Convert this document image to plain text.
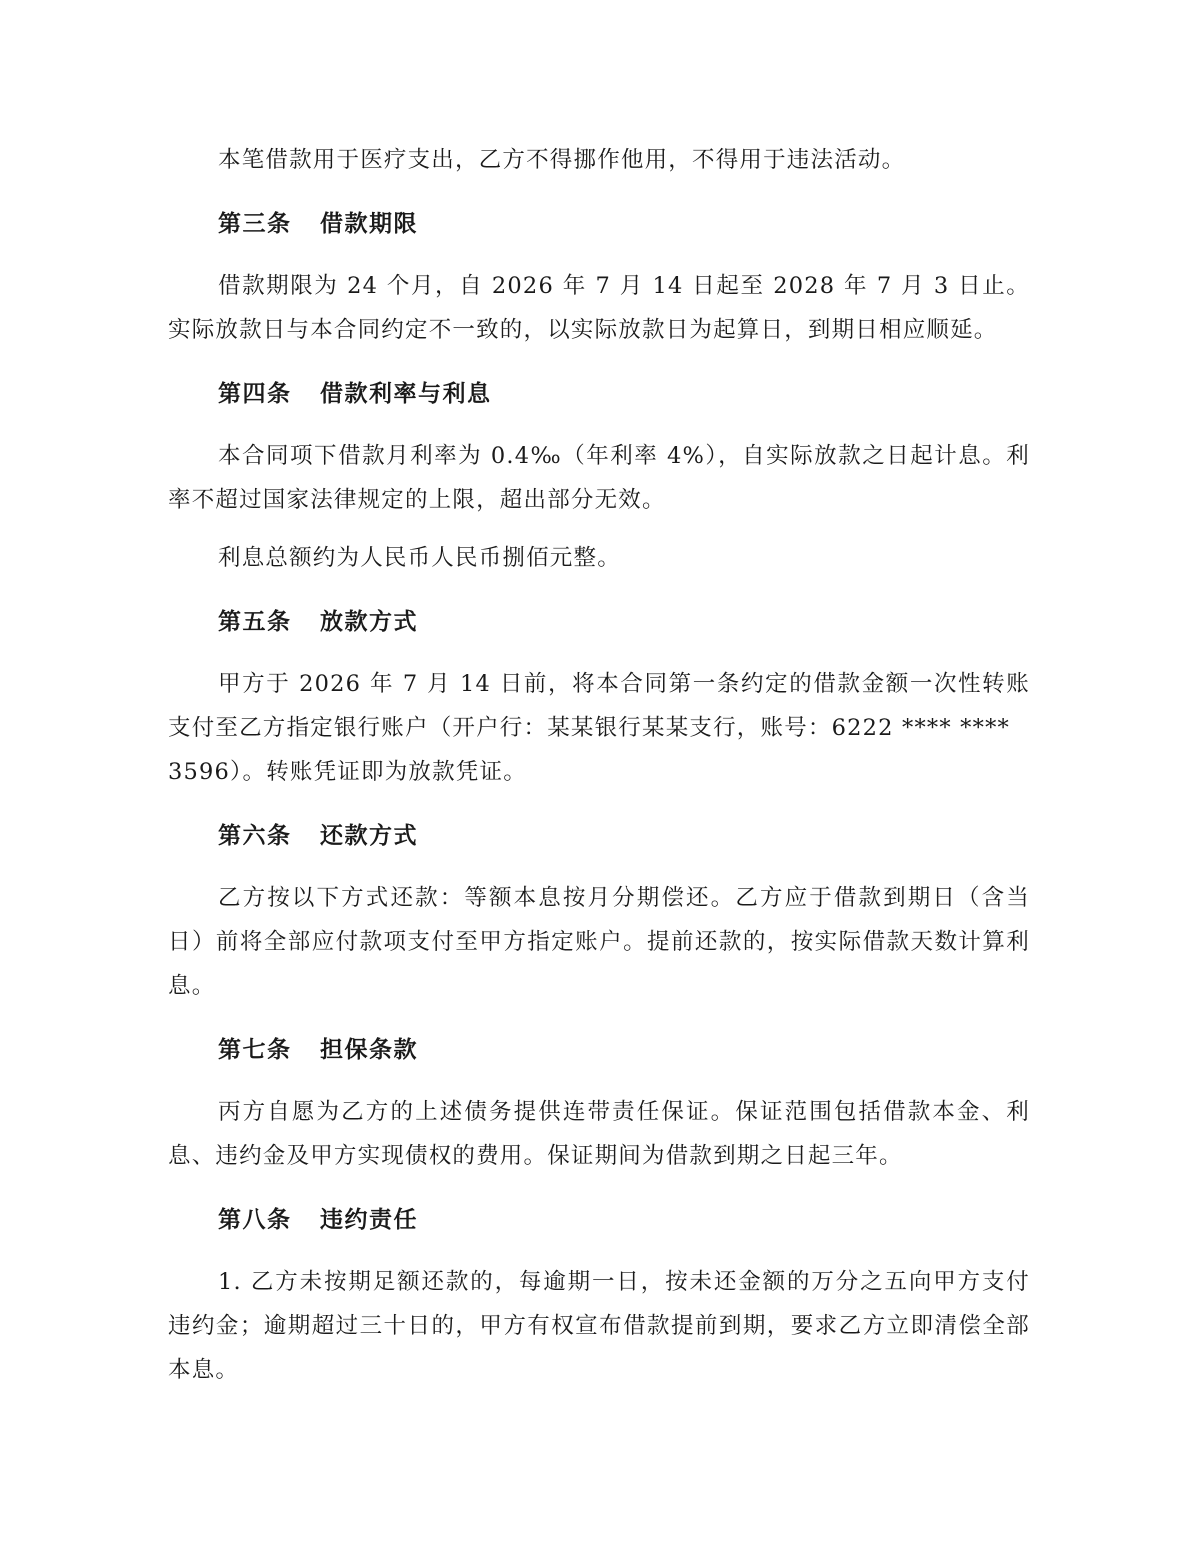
本笔借款用于医疗支出，乙方不得挪作他用，不得用于违法活动。

第三条 借款期限

借款期限为 24 个月，自 2026 年 7 月 14 日起至 2028 年 7 月 3 日止。实际放款日与本合同约定不一致的，以实际放款日为起算日，到期日相应顺延。

第四条 借款利率与利息

本合同项下借款月利率为 0.4‰（年利率 4%），自实际放款之日起计息。利率不超过国家法律规定的上限，超出部分无效。

利息总额约为人民币人民币捌佰元整。

第五条 放款方式

甲方于 2026 年 7 月 14 日前，将本合同第一条约定的借款金额一次性转账支付至乙方指定银行账户（开户行：某某银行某某支行，账号：6222 **** ****

3596）。转账凭证即为放款凭证。

第六条 还款方式

乙方按以下方式还款：等额本息按月分期偿还。乙方应于借款到期日（含当日）前将全部应付款项支付至甲方指定账户。提前还款的，按实际借款天数计算利息。

第七条 担保条款

丙方自愿为乙方的上述债务提供连带责任保证。保证范围包括借款本金、利息、违约金及甲方实现债权的费用。保证期间为借款到期之日起三年。

第八条 违约责任

1. 乙方未按期足额还款的，每逾期一日，按未还金额的万分之五向甲方支付违约金；逾期超过三十日的，甲方有权宣布借款提前到期，要求乙方立即清偿全部本息。
